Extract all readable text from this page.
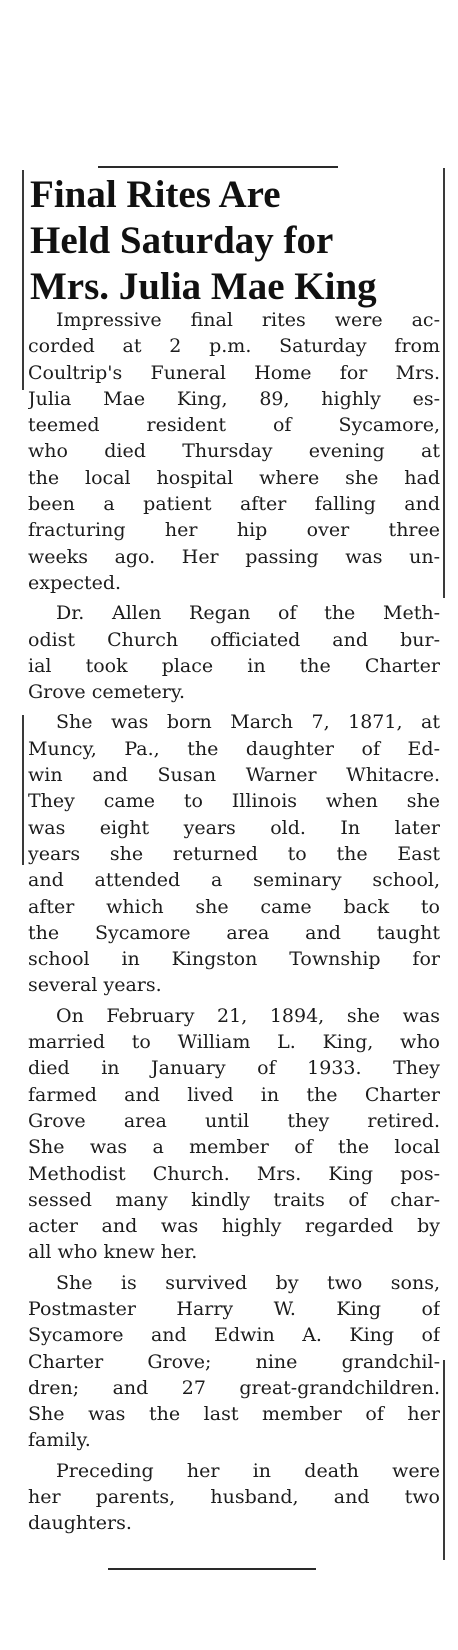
Final Rites Are
Held Saturday for
Mrs. Julia Mae King

Impressive final rites were ac-
corded at 2 p.m. Saturday from
Coultrip's Funeral Home for Mrs.
Julia Mae King, 89, highly es-
teemed resident of Sycamore,
who died Thursday evening at
the local hospital where she had
been a patient after falling and
fracturing her hip over three
weeks ago. Her passing was un-
expected.

Dr. Allen Regan of the Meth-
odist Church officiated and bur-
ial took place in the Charter
Grove cemetery.

She was born March 7, 1871, at
Muncy, Pa., the daughter of Ed-
win and Susan Warner Whitacre.
They came to Illinois when she
was eight years old. In later
years she returned to the East
and attended a seminary school,
after which she came back to
the Sycamore area and taught
school in Kingston Township for
several years.

On February 21, 1894, she was
married to William L. King, who
died in January of 1933. They
farmed and lived in the Charter
Grove area until they retired.
She was a member of the local
Methodist Church. Mrs. King pos-
sessed many kindly traits of char-
acter and was highly regarded by
all who knew her.

She is survived by two sons,
Postmaster Harry W. King of
Sycamore and Edwin A. King of
Charter Grove; nine grandchil-
dren; and 27 great-grandchildren.
She was the last member of her
family.

Preceding her in death were
her parents, husband, and two
daughters.
